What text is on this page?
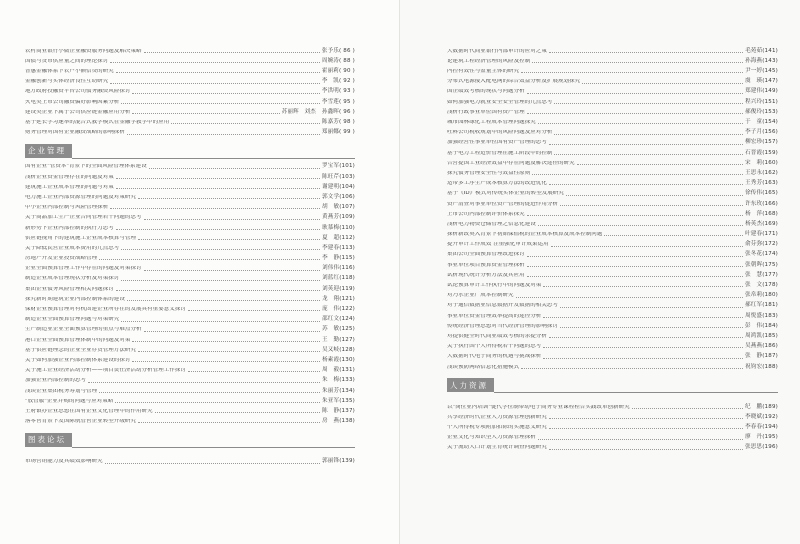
农村商业银行小微企业融资服务问题及解决策略	张予乐( 86 )
国债与货币供应量之间的理论探讨	周婉涛( 88 )
普惠金融体系下农户小额信贷的研究	霍丽莉( 90 )
金融创新与实体经济良性互动研究	李　凯( 92 )
地方政府投融资平台公司债务融资风险探讨	李洪明( 93 )
火电类上市公司融资偏好影响因素分析	李雪莲( 95 )
建设类企业下属子公司供应链金融应用分析	苏丽辉　刘杰 孙鑫晖( 96 )
基于延长学习速率的混合式教学模式在金融学教学中的应用	陈嘉芳( 98 )
财务管理对国有企业融资战略的影响探析	郑丽娜( 99 )
企业管理
国有企业"管资本"背景下的全面风险管理体系建设	罗宝军(101)
浅析企业资金管理存在的问题及对策	陈旺芹(103)
建筑施工企业成本管理的问题与对策	谢建明(104)
电力施工企业内部资源管理的问题及对策研究	郭文学(106)
中小企业内部控制与风险管理探析	胡　敏(107)
关于商品加工生产企业合同管理若干问题的思考	黄燕芳(109)
新形势下企业内部控制的执行力思考	耿慕梅(110)
供应链视角下的建筑施工企业成本核算与管理	夏　超(112)
关于降低民营企业成本费用的几点思考	李建春(113)
房地产开发企业投资战略管理	李　静(115)
企业全面预算管理工作中存在的问题及对策探讨	刘伟伟(116)
制造企业成本管理现状分析及对策探讨	刘蓝红(118)
集团企业债务风险管理相关问题探讨	刘英迎(119)
探究新时期建筑企业内部控制体系的建设	龙　翔(121)
保财企业预算管理对有机团建企业所存在的发展具有重要意义探讨	庞　伟(122)
制造企业全面预算管理问题与对策研究	邵红文(124)
生产制造业企业全面预算管理的重点与难点分析	苏　敏(125)
港口企业全面预算管理体制中的问题及对策	王　勤(127)
基于供应链理念的企业全业存货管理方法研究	吴又岐(128)
关于如何加强企业内部控制体系建设的探讨	杨素霞(130)
关于施工企业经济活动分析——项目责任济活动分析管理工作探讨	周　毅(131)
加强企业内部控制的思考	朱　梅(133)
浅谈企业集团税务筹划与管理	朱丽芳(134)
"放管服"企业并购的问题与应对策略	朱亚军(135)
王府镇办企业思想在国有企业文化管理中的作用研究	陈　静(137)
落零售背景下发国际航管售企业转型升级研究	房　燕(138)
图表论坛
市场营销能力及其绩效影响研究	郭丽锋(139)
大数据时代商业银行内部审计的应对之策	毛苑茹(141)
论建筑工程经济管理的风险及控制	孙海燕(143)
内控有效性与盈量主体的研究	尹一婷(145)
分布式电源接入配电网的综合效益分析及扩展规划探究	虞　瑛(147)
国企绩效考核的现状与问题分析	郑建伟(149)
如何加强电力就业安全安全管理的几点思考	程兴玲(151)
浅析行政事业单位国有资产管理	郝俊玲(153)
城市园林绿化工程成本管理问题探究	于　童(154)
吐料公司税收规划中的风险问题及应对分析	李子月(156)
加强经营性事业单位国有资产管理的思考	柳宏珍(157)
基于电力工程造价管理在施工阶段中的控制	石晋霞(159)
合营提国工业经济效益中存在问题及解决途径的研究	宋　莉(160)
探究债务管理安全性与效益性原则	王思永(162)
适带多工序生产成本核算方法的改进优化	王秀芳(163)
基于《ID》模式对传统实体企业的转型发展研究	徐传伟(165)
资产清查对事业单位资产管理的促进作用分析	许东玫(166)
上市公司内部控制评价体系探究	杨　萍(168)
浅析电力物资仓储管理之信息化建设	杨英杰(169)
探析新改英入背景下初始保值税的企业成本核算及成本控制问题	叶建春(171)
提升审计工作成效 注重强化审计成果运用	俞芬弥(172)
集团公司全面预算管理改进探讨	张冬花(174)
事业单位项目预算资金管理探析	张朝晖(175)
试析现代统计分析方法及其应用	张　慧(177)
试论预算审计工作执行中的问题及对策	张　文(178)
对乃水企业厂成本控制研究	张帛莉(180)
对于通信数据业信息数据开发数据的相关思考	郝红军(181)
事业单位资金管理效率提高的途径分析	周悦盛(183)
传统经济管理思想对当代经济管理的影响探讨	彭　伟(184)
对提供健全时代商业绩效考核的余提分析	周鸿凯(185)
关于执行国个人所得税若干问题的思考	吴燕燕(186)
大数据时代电子商务的机遇与挑战探析	张　静(187)
浅谈预防网络信息化措施模式	祝钧宏(188)
人力资源
以"岗位业内培训"促代学位制带动电子商务专业课程程合实践改革创新研究	纪　鹏(189)
共享经济时代企业人力资源管理创新研究	李晓斌(192)
个人所得税专项附加扣除的实施意义研究	李春春(194)
企业文化与知识型人力资源管理探析	廖　丹(195)
关于流动人口计划生育统计调查问题研究	张思思(196)
